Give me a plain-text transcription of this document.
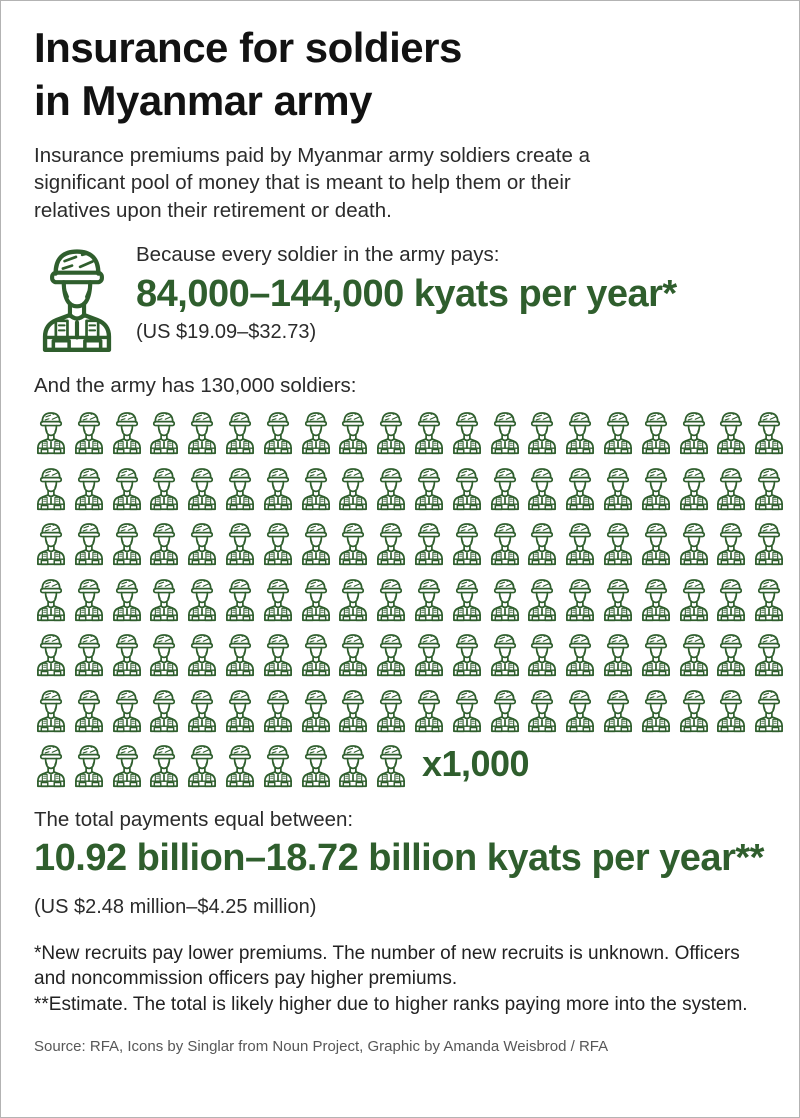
Insurance for soldiers
in Myanmar army

Insurance premiums paid by Myanmar army soldiers create a significant pool of money that is meant to help them or their relatives upon their retirement or death.

Because every soldier in the army pays:

84,000–144,000 kyats per year*

(US $19.09–$32.73)

And the army has 130,000 soldiers:

x1,000

The total payments equal between:

10.92 billion–18.72 billion kyats per year**

(US $2.48 million–$4.25 million)

*New recruits pay lower premiums. The number of new recruits is unknown. Officers and noncommission officers pay higher premiums.

**Estimate. The total is likely higher due to higher ranks paying more into the system.

Source: RFA, Icons by Singlar from Noun Project, Graphic by Amanda Weisbrod / RFA
